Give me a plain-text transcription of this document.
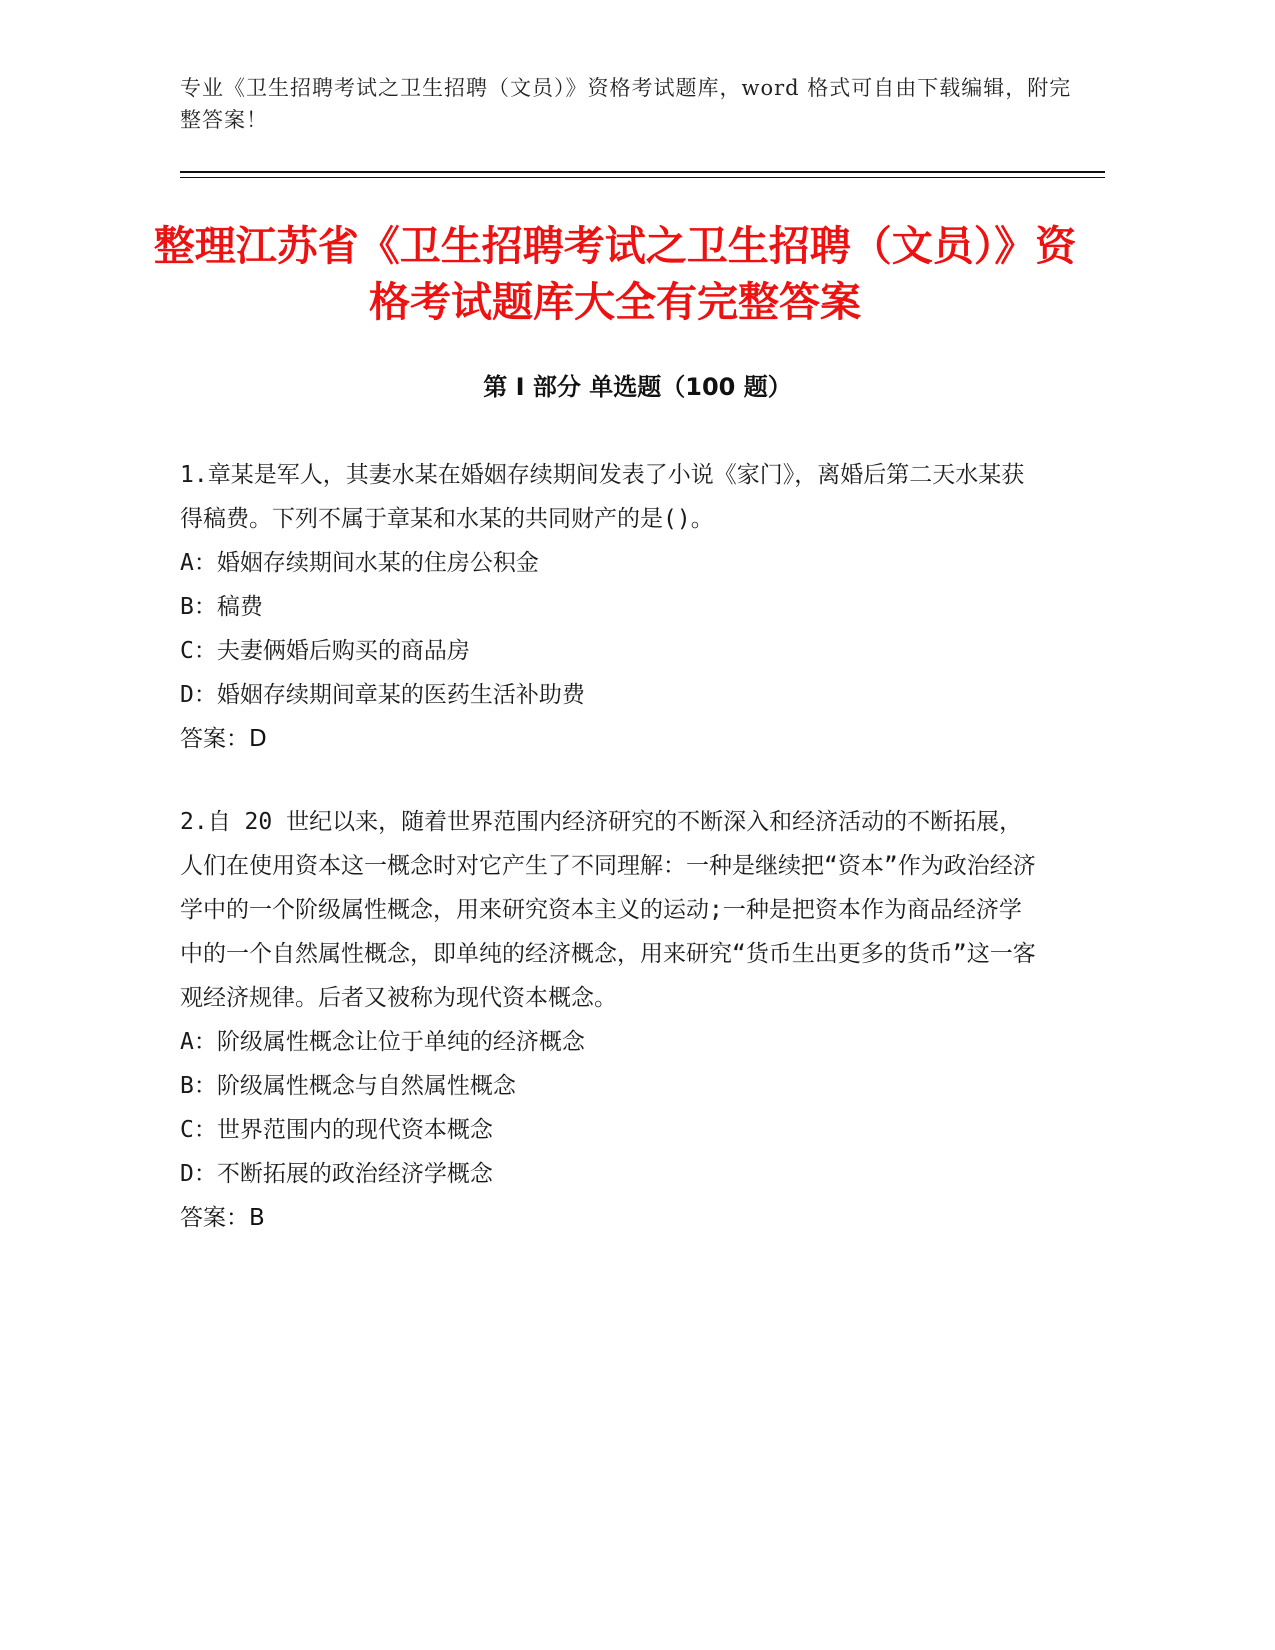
专业《卫生招聘考试之卫生招聘（文员）》资格考试题库，word 格式可自由下载编辑，附完整答案！

整理江苏省《卫生招聘考试之卫生招聘（文员）》资格考试题库大全有完整答案
第 I 部分 单选题（100 题）

1.章某是军人，其妻水某在婚姻存续期间发表了小说《家门》，离婚后第二天水某获得稿费。下列不属于章某和水某的共同财产的是()。

A： 婚姻存续期间水某的住房公积金

B： 稿费

C： 夫妻俩婚后购买的商品房

D： 婚姻存续期间章某的医药生活补助费

答案：D

2.自 20 世纪以来，随着世界范围内经济研究的不断深入和经济活动的不断拓展，人们在使用资本这一概念时对它产生了不同理解：一种是继续把“资本”作为政治经济学中的一个阶级属性概念，用来研究资本主义的运动;一种是把资本作为商品经济学中的一个自然属性概念，即单纯的经济概念，用来研究“货币生出更多的货币”这一客观经济规律。后者又被称为现代资本概念。

A： 阶级属性概念让位于单纯的经济概念

B： 阶级属性概念与自然属性概念

C： 世界范围内的现代资本概念

D： 不断拓展的政治经济学概念

答案：B
